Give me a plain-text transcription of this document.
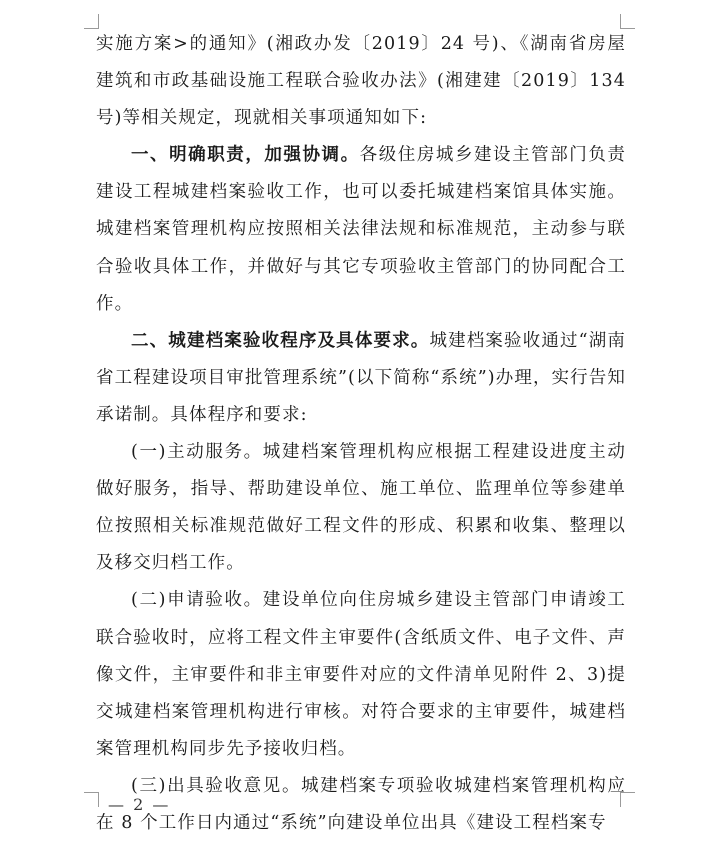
实施方案>的通知》(湘政办发〔2019〕24 号)、《湖南省房屋建筑和市政基础设施工程联合验收办法》(湘建建〔2019〕134 号)等相关规定，现就相关事项通知如下:

一、明确职责，加强协调。各级住房城乡建设主管部门负责建设工程城建档案验收工作，也可以委托城建档案馆具体实施。城建档案管理机构应按照相关法律法规和标准规范，主动参与联合验收具体工作，并做好与其它专项验收主管部门的协同配合工作。

二、城建档案验收程序及具体要求。城建档案验收通过“湖南省工程建设项目审批管理系统”(以下简称“系统”)办理，实行告知承诺制。具体程序和要求:

(一)主动服务。城建档案管理机构应根据工程建设进度主动做好服务，指导、帮助建设单位、施工单位、监理单位等参建单位按照相关标准规范做好工程文件的形成、积累和收集、整理以及移交归档工作。

(二)申请验收。建设单位向住房城乡建设主管部门申请竣工联合验收时，应将工程文件主审要件(含纸质文件、电子文件、声像文件，主审要件和非主审要件对应的文件清单见附件 2、3)提交城建档案管理机构进行审核。对符合要求的主审要件，城建档案管理机构同步先予接收归档。

(三)出具验收意见。城建档案专项验收城建档案管理机构应在 8 个工作日内通过“系统”向建设单位出具《建设工程档案专

— 2 —
